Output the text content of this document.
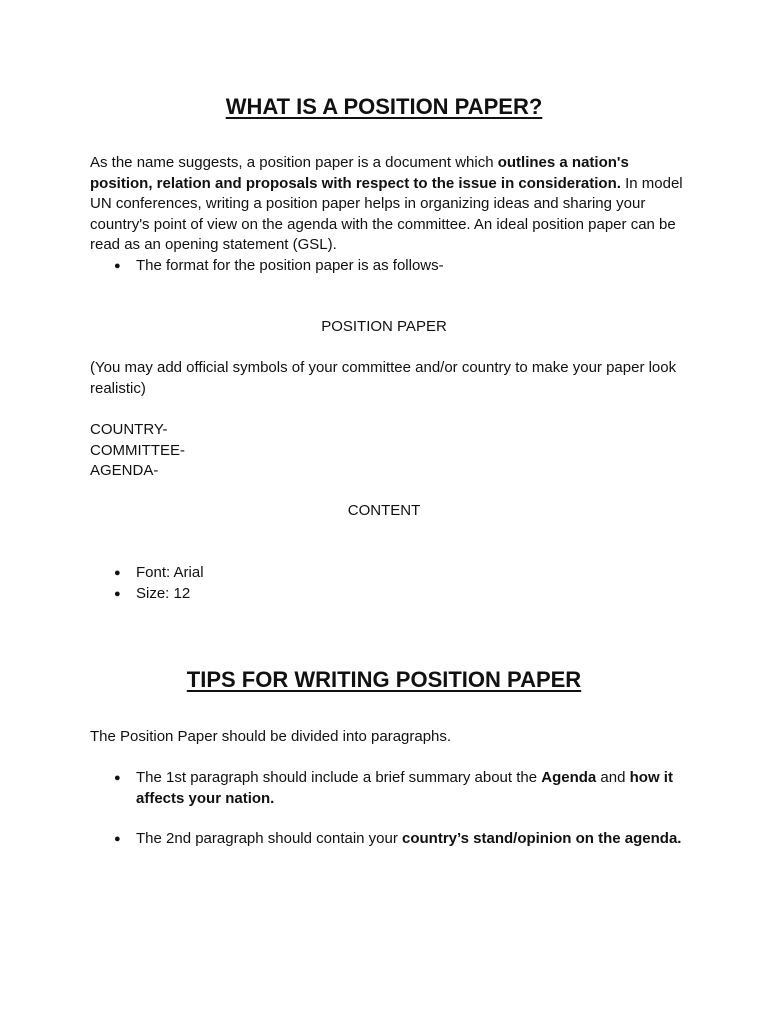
WHAT IS A POSITION PAPER?

As the name suggests, a position paper is a document which outlines a nation's position, relation and proposals with respect to the issue in consideration. In model UN conferences, writing a position paper helps in organizing ideas and sharing your country's point of view on the agenda with the committee. An ideal position paper can be read as an opening statement (GSL).

● The format for the position paper is as follows-

POSITION PAPER

(You may add official symbols of your committee and/or country to make your paper look realistic)

COUNTRY-

COMMITTEE-

AGENDA-

CONTENT

● Font: Arial
● Size: 12
TIPS FOR WRITING POSITION PAPER

The Position Paper should be divided into paragraphs.

● The 1st paragraph should include a brief summary about the Agenda and how it affects your nation.
● The 2nd paragraph should contain your country’s stand/opinion on the agenda.
